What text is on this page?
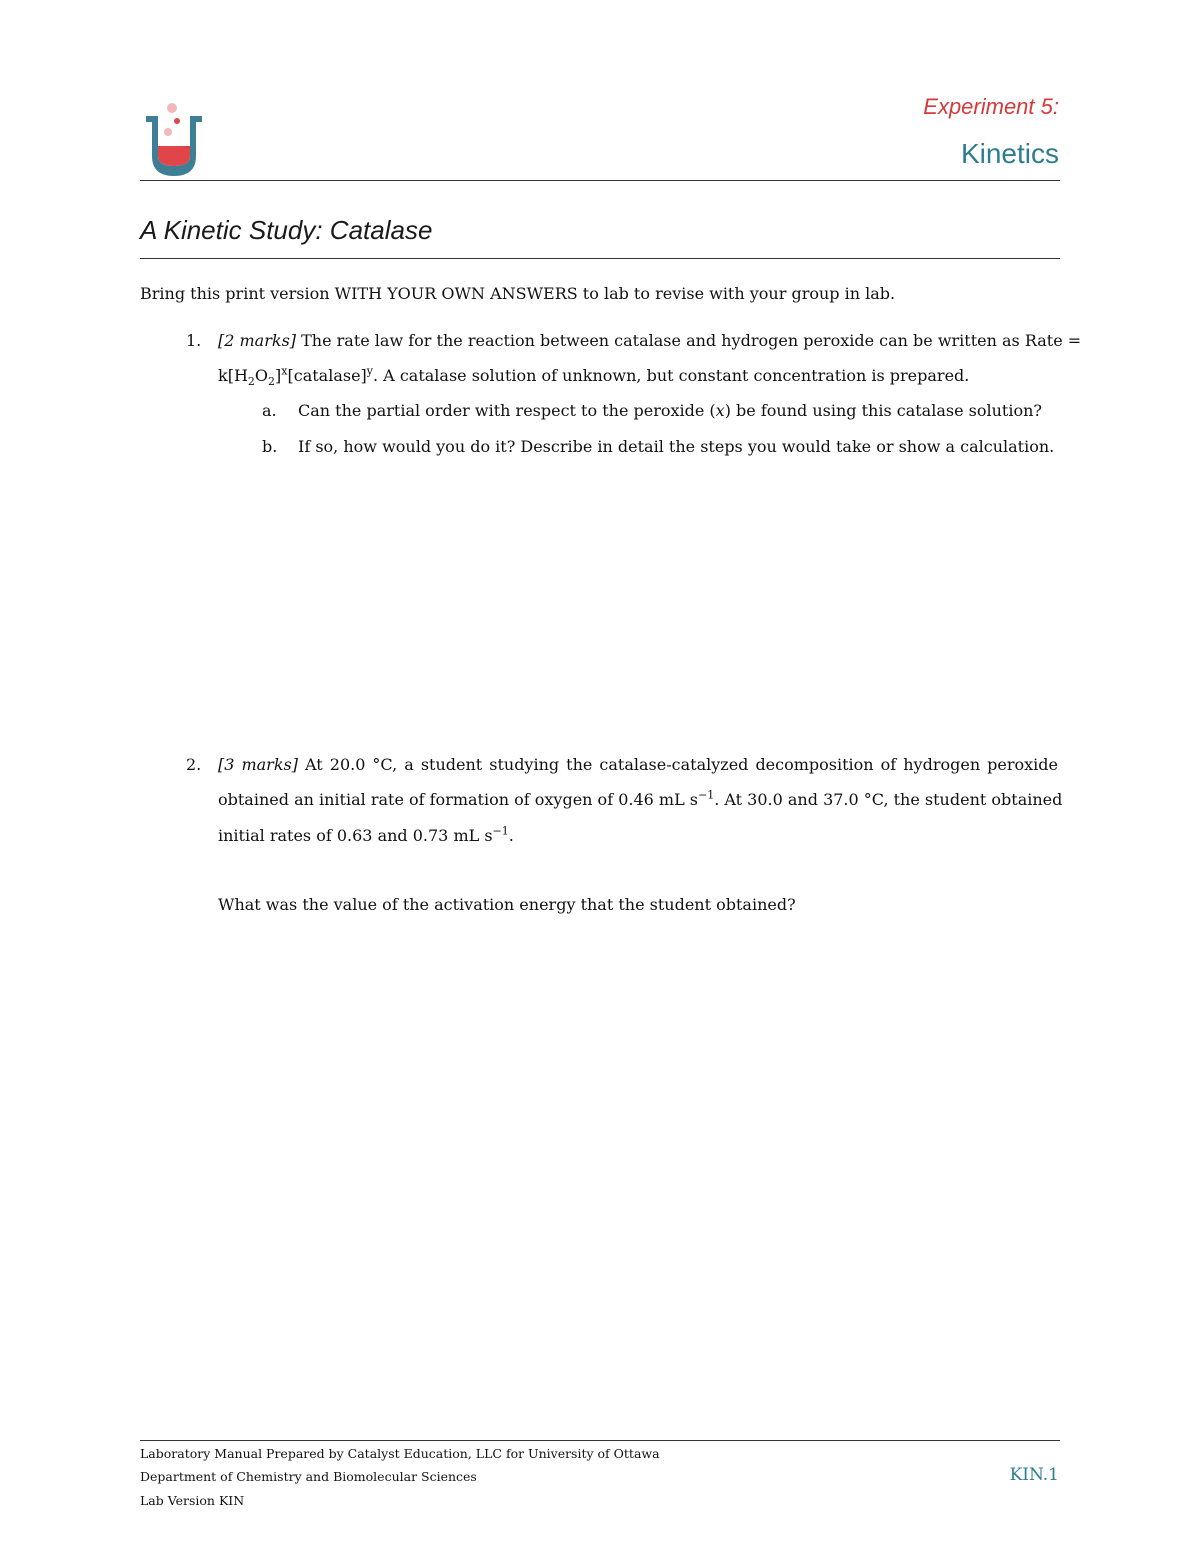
Experiment 5:
Kinetics
A Kinetic Study: Catalase
Bring this print version WITH YOUR OWN ANSWERS to lab to revise with your group in lab.
1. [2 marks] The rate law for the reaction between catalase and hydrogen peroxide can be written as Rate =
$k[H_2O_2]^x[catalase]^y$. A catalase solution of unknown, but constant concentration is prepared.
a. Can the partial order with respect to the peroxide (x) be found using this catalase solution?
b. If so, how would you do it? Describe in detail the steps you would take or show a calculation.
2. [3 marks] At 20.0 °C, a student studying the catalase-catalyzed decomposition of hydrogen peroxide
obtained an initial rate of formation of oxygen of 0.46 mL $s^{-1}$. At 30.0 and 37.0 °C, the student obtained
initial rates of 0.63 and 0.73 mL $s^{-1}$.
What was the value of the activation energy that the student obtained?
Laboratory Manual Prepared by Catalyst Education, LLC for University of Ottawa
Department of Chemistry and Biomolecular Sciences
Lab Version KIN
KIN.1
